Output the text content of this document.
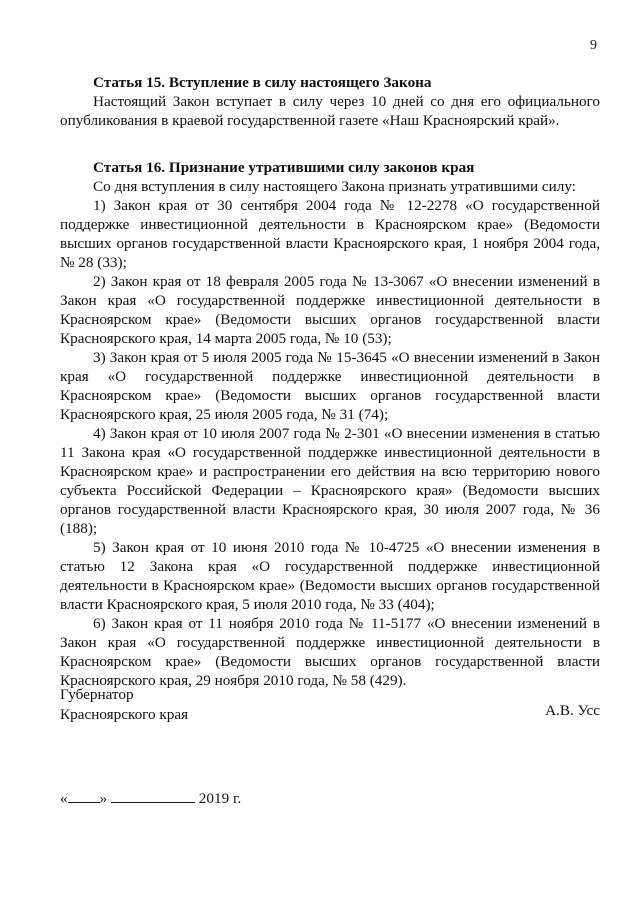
9
Статья 15. Вступление в силу настоящего Закона

Настоящий Закон вступает в силу через 10 дней со дня его официального опубликования в краевой государственной газете «Наш Красноярский край».

Статья 16. Признание утратившими силу законов края

Со дня вступления в силу настоящего Закона признать утратившими силу:

1) Закон края от 30 сентября 2004 года № 12-2278 «О государственной поддержке инвестиционной деятельности в Красноярском крае» (Ведомости высших органов государственной власти Красноярского края, 1 ноября 2004 года, № 28 (33);

2) Закон края от 18 февраля 2005 года № 13-3067 «О внесении изменений в Закон края «О государственной поддержке инвестиционной деятельности в Красноярском крае» (Ведомости высших органов государственной власти Красноярского края, 14 марта 2005 года, № 10 (53);

3) Закон края от 5 июля 2005 года № 15-3645 «О внесении изменений в Закон края «О государственной поддержке инвестиционной деятельности в Красноярском крае» (Ведомости высших органов государственной власти Красноярского края, 25 июля 2005 года, № 31 (74);

4) Закон края от 10 июля 2007 года № 2-301 «О внесении изменения в статью 11 Закона края «О государственной поддержке инвестиционной деятельности в Красноярском крае» и распространении его действия на всю территорию нового субъекта Российской Федерации – Красноярского края» (Ведомости высших органов государственной власти Красноярского края, 30 июля 2007 года, № 36 (188);

5) Закон края от 10 июня 2010 года № 10-4725 «О внесении изменения в статью 12 Закона края «О государственной поддержке инвестиционной деятельности в Красноярском крае» (Ведомости высших органов государственной власти Красноярского края, 5 июля 2010 года, № 33 (404);

6) Закон края от 11 ноября 2010 года № 11-5177 «О внесении изменений в Закон края «О государственной поддержке инвестиционной деятельности в Красноярском крае» (Ведомости высших органов государственной власти Красноярского края, 29 ноября 2010 года, № 58 (429).

Губернатор
Красноярского края	А.В. Усс
« »	2019 г.
